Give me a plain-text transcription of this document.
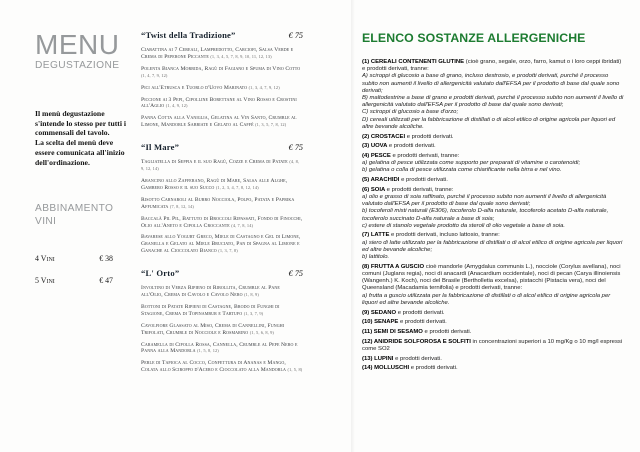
MENU
DEGUSTAZIONE

Il menù degustazione s'intende lo stesso per tutti i commensali del tavolo.

La scelta del menù deve essere comunicata all'inizio dell'ordinazione.

ABBINAMENTO VINI
4 Vini	€ 38
5 Vini	€ 47
“Twist della Tradizione”	€ 75
Ciabattina ai 7 Cereali, Lampredotto, Carciofi, Salsa Verde e Crema di Peperone Piccante (1, 3, 4, 5, 7, 8, 9, 10, 11, 12, 13)
Polenta Bianca Morbida, Ragù di Fagiano e Spuma di Vino Cotto (1, 4, 7, 9, 12)
Pici all'Etrusca e Tuorlo d'Uovo Marinato (1, 3, 4, 7, 9, 12)
Piccione ai 3 Pepi, Cipolline Borettane al Vino Rosso e Crostini all'Aglio (1, 4, 9, 12)
Panna Cotta alla Vaniglia, Gelatina al Vin Santo, Crumble al Limone, Mandorle Sabbiate e Gelato al Caffè (1, 3, 5, 7, 8, 12)
“Il Mare”	€ 75
Tagliatella di Seppia e il suo Ragù, Cozze e Crema di Patate (4, 8, 9, 12, 14)
Arancino allo Zafferano, Ragù di Mare, Salsa alle Alghe, Gambero Rosso e il suo Succo (1, 2, 3, 4, 7, 8, 12, 14)
Risotto Carnaroli al Burro Nocciola, Polpo, Patata e Paprika Affumicata (7, 8, 12, 14)
Baccalà Pil Pil, Battuto di Broccoli Ripassati, Fondo di Finocchi, Olio all'Aneto e Cipolla Croccante (4, 7, 8, 14)
Bavarese allo Yogurt Greco, Miele di Castagno e Gel di Limone, Granella e Gelato al Miele Bruciato, Pan di Spagna al Limone e Ganache al Cioccolato Bianco (1, 3, 7, 8)
“L' Orto”	€ 75
Involtino di Verza Ripieno di Ribollita, Crumble al Pane all'Olio, Crema di Cavolo e Cavolo Nero (1, 8, 9)
Bottoni di Patate Ripieni di Castagne, Brodo di Funghi di Stagione, Crema di Topinambur e Tartufo (1, 3, 7, 9)
Cavolfiore Glassato al Miso, Crema di Cannellini, Funghi Trifolati, Crumble di Nocciole e Rosmarino (1, 5, 6, 8, 9)
Caramella di Cipolla Rossa, Cannella, Crumble al Pepe Nero e Panna alla Mandorla (1, 5, 8, 12)
Perle di Tapioca al Cocco, Confettura di Ananas e Mango, Colata allo Sciroppo d'Acero e Cioccolato alla Mandorla (1, 5, 8)
ELENCO SOSTANZE ALLERGENICHE
(1) CEREALI CONTENENTI GLUTINE (cioè grano, segale, orzo, farro, kamut o i loro ceppi ibridati) e prodotti derivati, tranne:
A) sciroppi di glucosio a base di grano, incluso destrosio, e prodotti derivati, purché il processo subito non aumenti il livello di allergenicità valutato dall'EFSA per il prodotto di base dal quale sono derivati;
B) maltodestrine a base di grano e prodotti derivati, purché il processo subito non aumenti il livello di allergenicità valutato dall'EFSA per il prodotto di base dal quale sono derivati;
C) sciroppi di glucosio a base d'orzo;
D) cereali utilizzati per la fabbricazione di distillati o di alcol etilico di origine agricola per liquori ed altre bevande alcoliche.
(2) CROSTACEI e prodotti derivati.
(3) UOVA e prodotti derivati.
(4) PESCE e prodotti derivati, tranne:
a) gelatina di pesce utilizzata come supporto per preparati di vitamine o carotenoidi;
b) gelatina o colla di pesce utilizzata come chiarificante nella birra e nel vino.
(5) ARACHIDI e prodotti derivati.
(6) SOIA e prodotti derivati, tranne:
a) olio e grasso di soia raffinato, purché il processo subito non aumenti il livello di allergenicità valutato dall'EFSA per il prodotto di base dal quale sono derivati;
b) tocoferoli misti naturali (E306), tocoferolo D-alfa naturale, tocoferolo acetato D-alfa naturale, tocoferolo succinato D-alfa naturale a base di soia;
c) estere di stanolo vegetale prodotto da steroli di olio vegetale a base di soia.
(7) LATTE e prodotti derivati, incluso lattosio, tranne:
a) siero di latte utilizzato per la fabbricazione di distillati o di alcol etilico di origine agricola per liquori ed altre bevande alcoliche;
b) lattitolo.
(8) FRUTTA A GUSCIO cioè mandorle (Amygdalus communis L.), nocciole (Corylus avellana), noci comuni (Juglans regia), noci di anacardi (Anacardium occidentale), noci di pecan (Carya illinoiensis (Wangenh.) K. Koch), noci del Brasile (Bertholletia excelsa), pistacchi (Pistacia vera), noci del Queensland (Macadamia ternifolia) e prodotti derivati, tranne:
a) frutta a guscio utilizzata per la fabbricazione di distillati o di alcol etilico di origine agricola per liquori ed altre bevande alcoliche.
(9) SEDANO e prodotti derivati.
(10) SENAPE e prodotti derivati.
(11) SEMI DI SESAMO e prodotti derivati.
(12) ANIDRIDE SOLFOROSA E SOLFITI in concentrazioni superiori a 10 mg/Kg o 10 mg/l espressi come SO2
(13) LUPINI e prodotti derivati.
(14) MOLLUSCHI e prodotti derivati.
